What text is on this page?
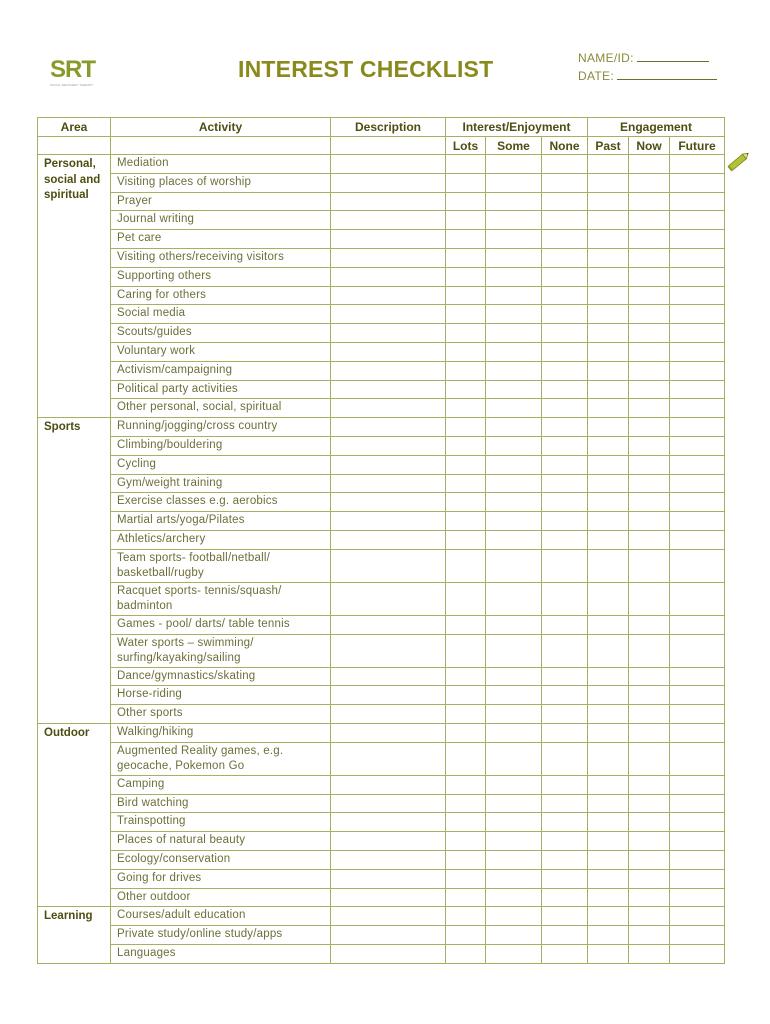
SRT
SOCIAL RECOVERY THERAPY
INTEREST CHECKLIST	NAME/ID:
DATE:
Area	Activity	Description	Interest/Enjoyment			Engagement		
			Lots	Some	None	Past	Now	Future
Personal, social and spiritual	Mediation							
	Visiting places of worship							
	Prayer							
	Journal writing							
	Pet care							
	Visiting others/receiving visitors							
	Supporting others							
	Caring for others							
	Social media							
	Scouts/guides							
	Voluntary work							
	Activism/campaigning							
	Political party activities							
	Other personal, social, spiritual							
Sports	Running/jogging/cross country							
	Climbing/bouldering							
	Cycling							
	Gym/weight training							
	Exercise classes e.g. aerobics							
	Martial arts/yoga/Pilates							
	Athletics/archery							
	Team sports- football/netball/ basketball/rugby							
	Racquet sports- tennis/squash/ badminton							
	Games - pool/ darts/ table tennis							
	Water sports – swimming/ surfing/kayaking/sailing							
	Dance/gymnastics/skating							
	Horse-riding							
	Other sports							
Outdoor	Walking/hiking							
	Augmented Reality games, e.g. geocache, Pokemon Go							
	Camping							
	Bird watching							
	Trainspotting							
	Places of natural beauty							
	Ecology/conservation							
	Going for drives							
	Other outdoor							
Learning	Courses/adult education							
	Private study/online study/apps							
	Languages							
